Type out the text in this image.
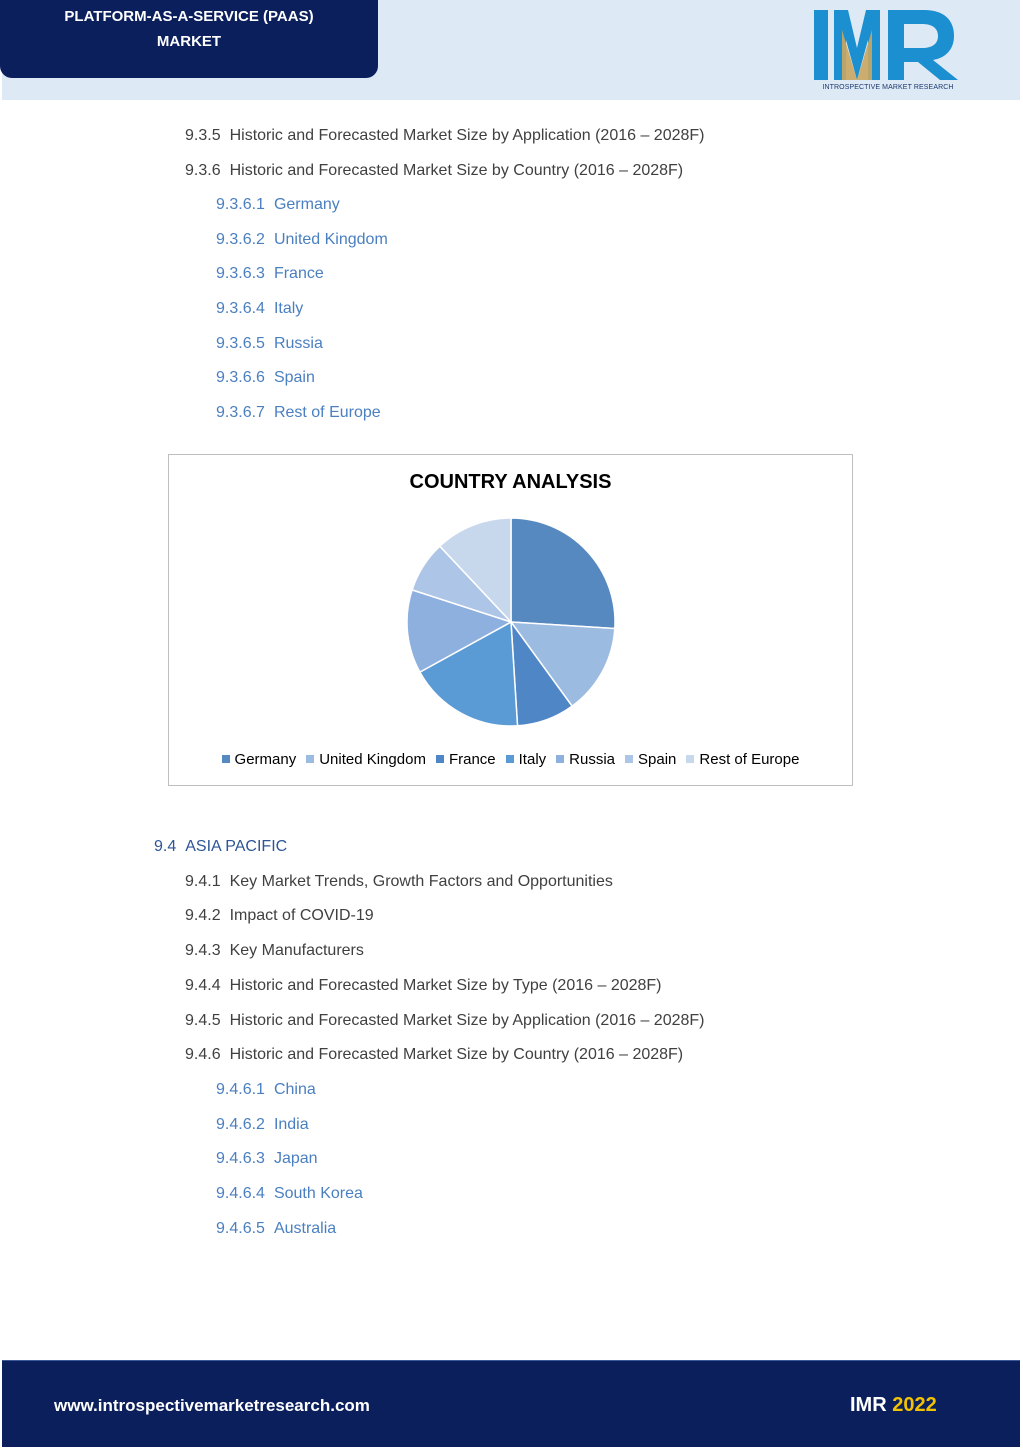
PLATFORM-AS-A-SERVICE (PAAS)
MARKET
INTROSPECTIVE MARKET RESEARCH
9.3.5 Historic and Forecasted Market Size by Application (2016 – 2028F)
9.3.6 Historic and Forecasted Market Size by Country (2016 – 2028F)
9.3.6.1 Germany
9.3.6.2 United Kingdom
9.3.6.3 France
9.3.6.4 Italy
9.3.6.5 Russia
9.3.6.6 Spain
9.3.6.7 Rest of Europe
COUNTRY ANALYSIS
Germany United Kingdom France Italy Russia Spain Rest of Europe
9.4 ASIA PACIFIC
9.4.1 Key Market Trends, Growth Factors and Opportunities
9.4.2 Impact of COVID-19
9.4.3 Key Manufacturers
9.4.4 Historic and Forecasted Market Size by Type (2016 – 2028F)
9.4.5 Historic and Forecasted Market Size by Application (2016 – 2028F)
9.4.6 Historic and Forecasted Market Size by Country (2016 – 2028F)
9.4.6.1 China
9.4.6.2 India
9.4.6.3 Japan
9.4.6.4 South Korea
9.4.6.5 Australia
www.introspectivemarketresearch.com	IMR 2022
